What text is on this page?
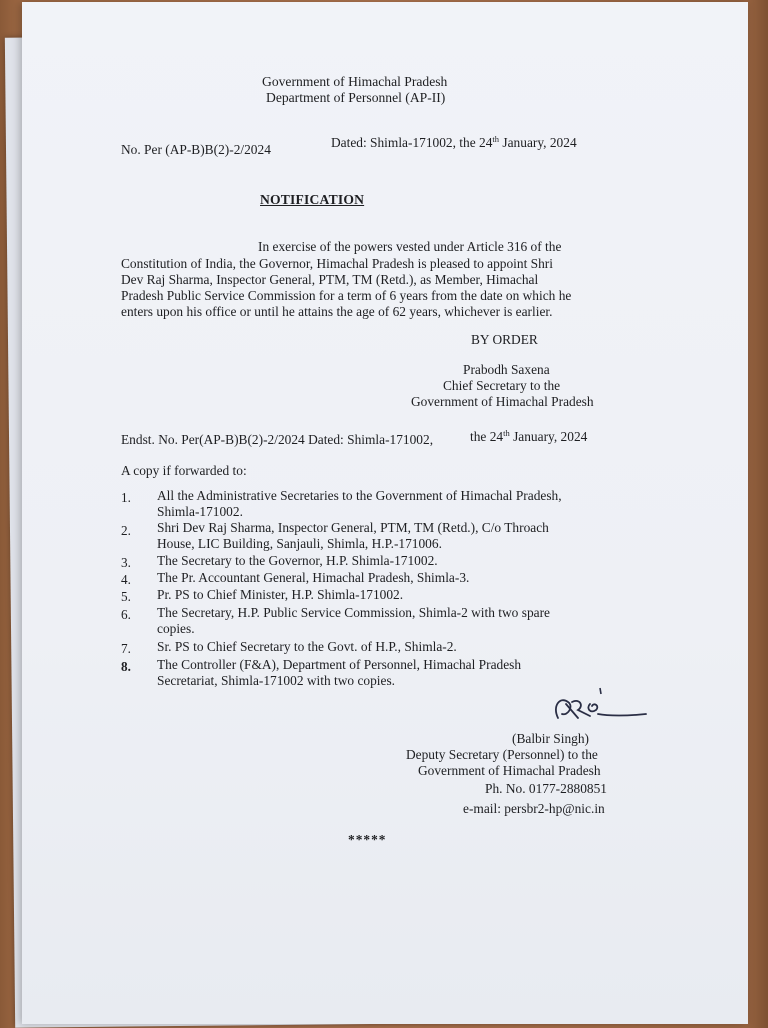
Government of Himachal Pradesh
Department of Personnel (AP-II)
No. Per (AP-B)B(2)-2/2024	Dated: Shimla-171002, the 24th January, 2024
NOTIFICATION
In exercise of the powers vested under Article 316 of the
Constitution of India, the Governor, Himachal Pradesh is pleased to appoint Shri
Dev Raj Sharma, Inspector General, PTM, TM (Retd.), as Member, Himachal
Pradesh Public Service Commission for a term of 6 years from the date on which he
enters upon his office or until he attains the age of 62 years, whichever is earlier.
BY ORDER
Prabodh Saxena
Chief Secretary to the
Government of Himachal Pradesh
Endst. No. Per(AP-B)B(2)-2/2024 Dated: Shimla-171002,	the 24th January, 2024
A copy if forwarded to:
1. All the Administrative Secretaries to the Government of Himachal Pradesh,
Shimla-171002.
2. Shri Dev Raj Sharma, Inspector General, PTM, TM (Retd.), C/o Throach
House, LIC Building, Sanjauli, Shimla, H.P.-171006.
3. The Secretary to the Governor, H.P. Shimla-171002.
4. The Pr. Accountant General, Himachal Pradesh, Shimla-3.
5. Pr. PS to Chief Minister, H.P. Shimla-171002.
6. The Secretary, H.P. Public Service Commission, Shimla-2 with two spare
copies.
7. Sr. PS to Chief Secretary to the Govt. of H.P., Shimla-2.
8. The Controller (F&A), Department of Personnel, Himachal Pradesh
Secretariat, Shimla-171002 with two copies.
(Balbir Singh)
Deputy Secretary (Personnel) to the
Government of Himachal Pradesh
Ph. No. 0177-2880851
e-mail: persbr2-hp@nic.in
*****
